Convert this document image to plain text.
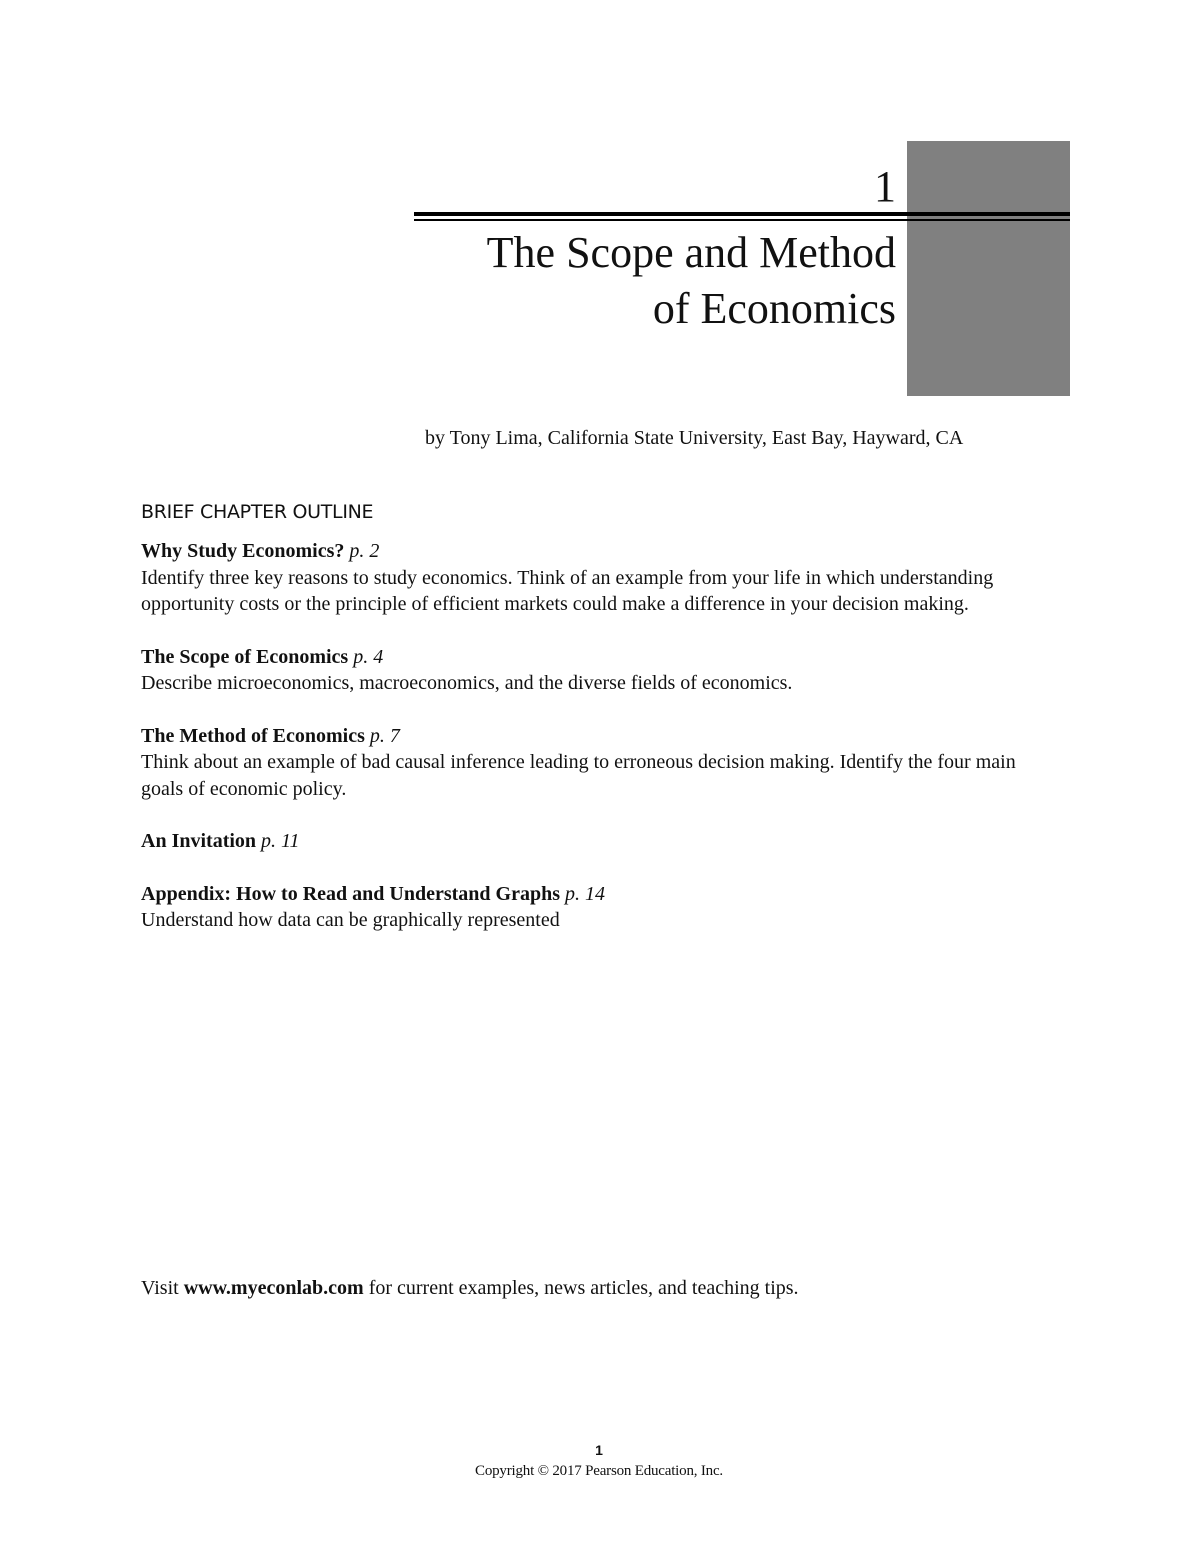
1
The Scope and Method
of Economics
by Tony Lima, California State University, East Bay, Hayward, CA
BRIEF CHAPTER OUTLINE
Why Study Economics? p. 2

Identify three key reasons to study economics. Think of an example from your life in which understanding opportunity costs or the principle of efficient markets could make a difference in your decision making.

The Scope of Economics p. 4

Describe microeconomics, macroeconomics, and the diverse fields of economics.

The Method of Economics p. 7

Think about an example of bad causal inference leading to erroneous decision making. Identify the four main goals of economic policy.

An Invitation p. 11
Appendix: How to Read and Understand Graphs p. 14

Understand how data can be graphically represented

Visit www.myeconlab.com for current examples, news articles, and teaching tips.
1
Copyright © 2017 Pearson Education, Inc.
